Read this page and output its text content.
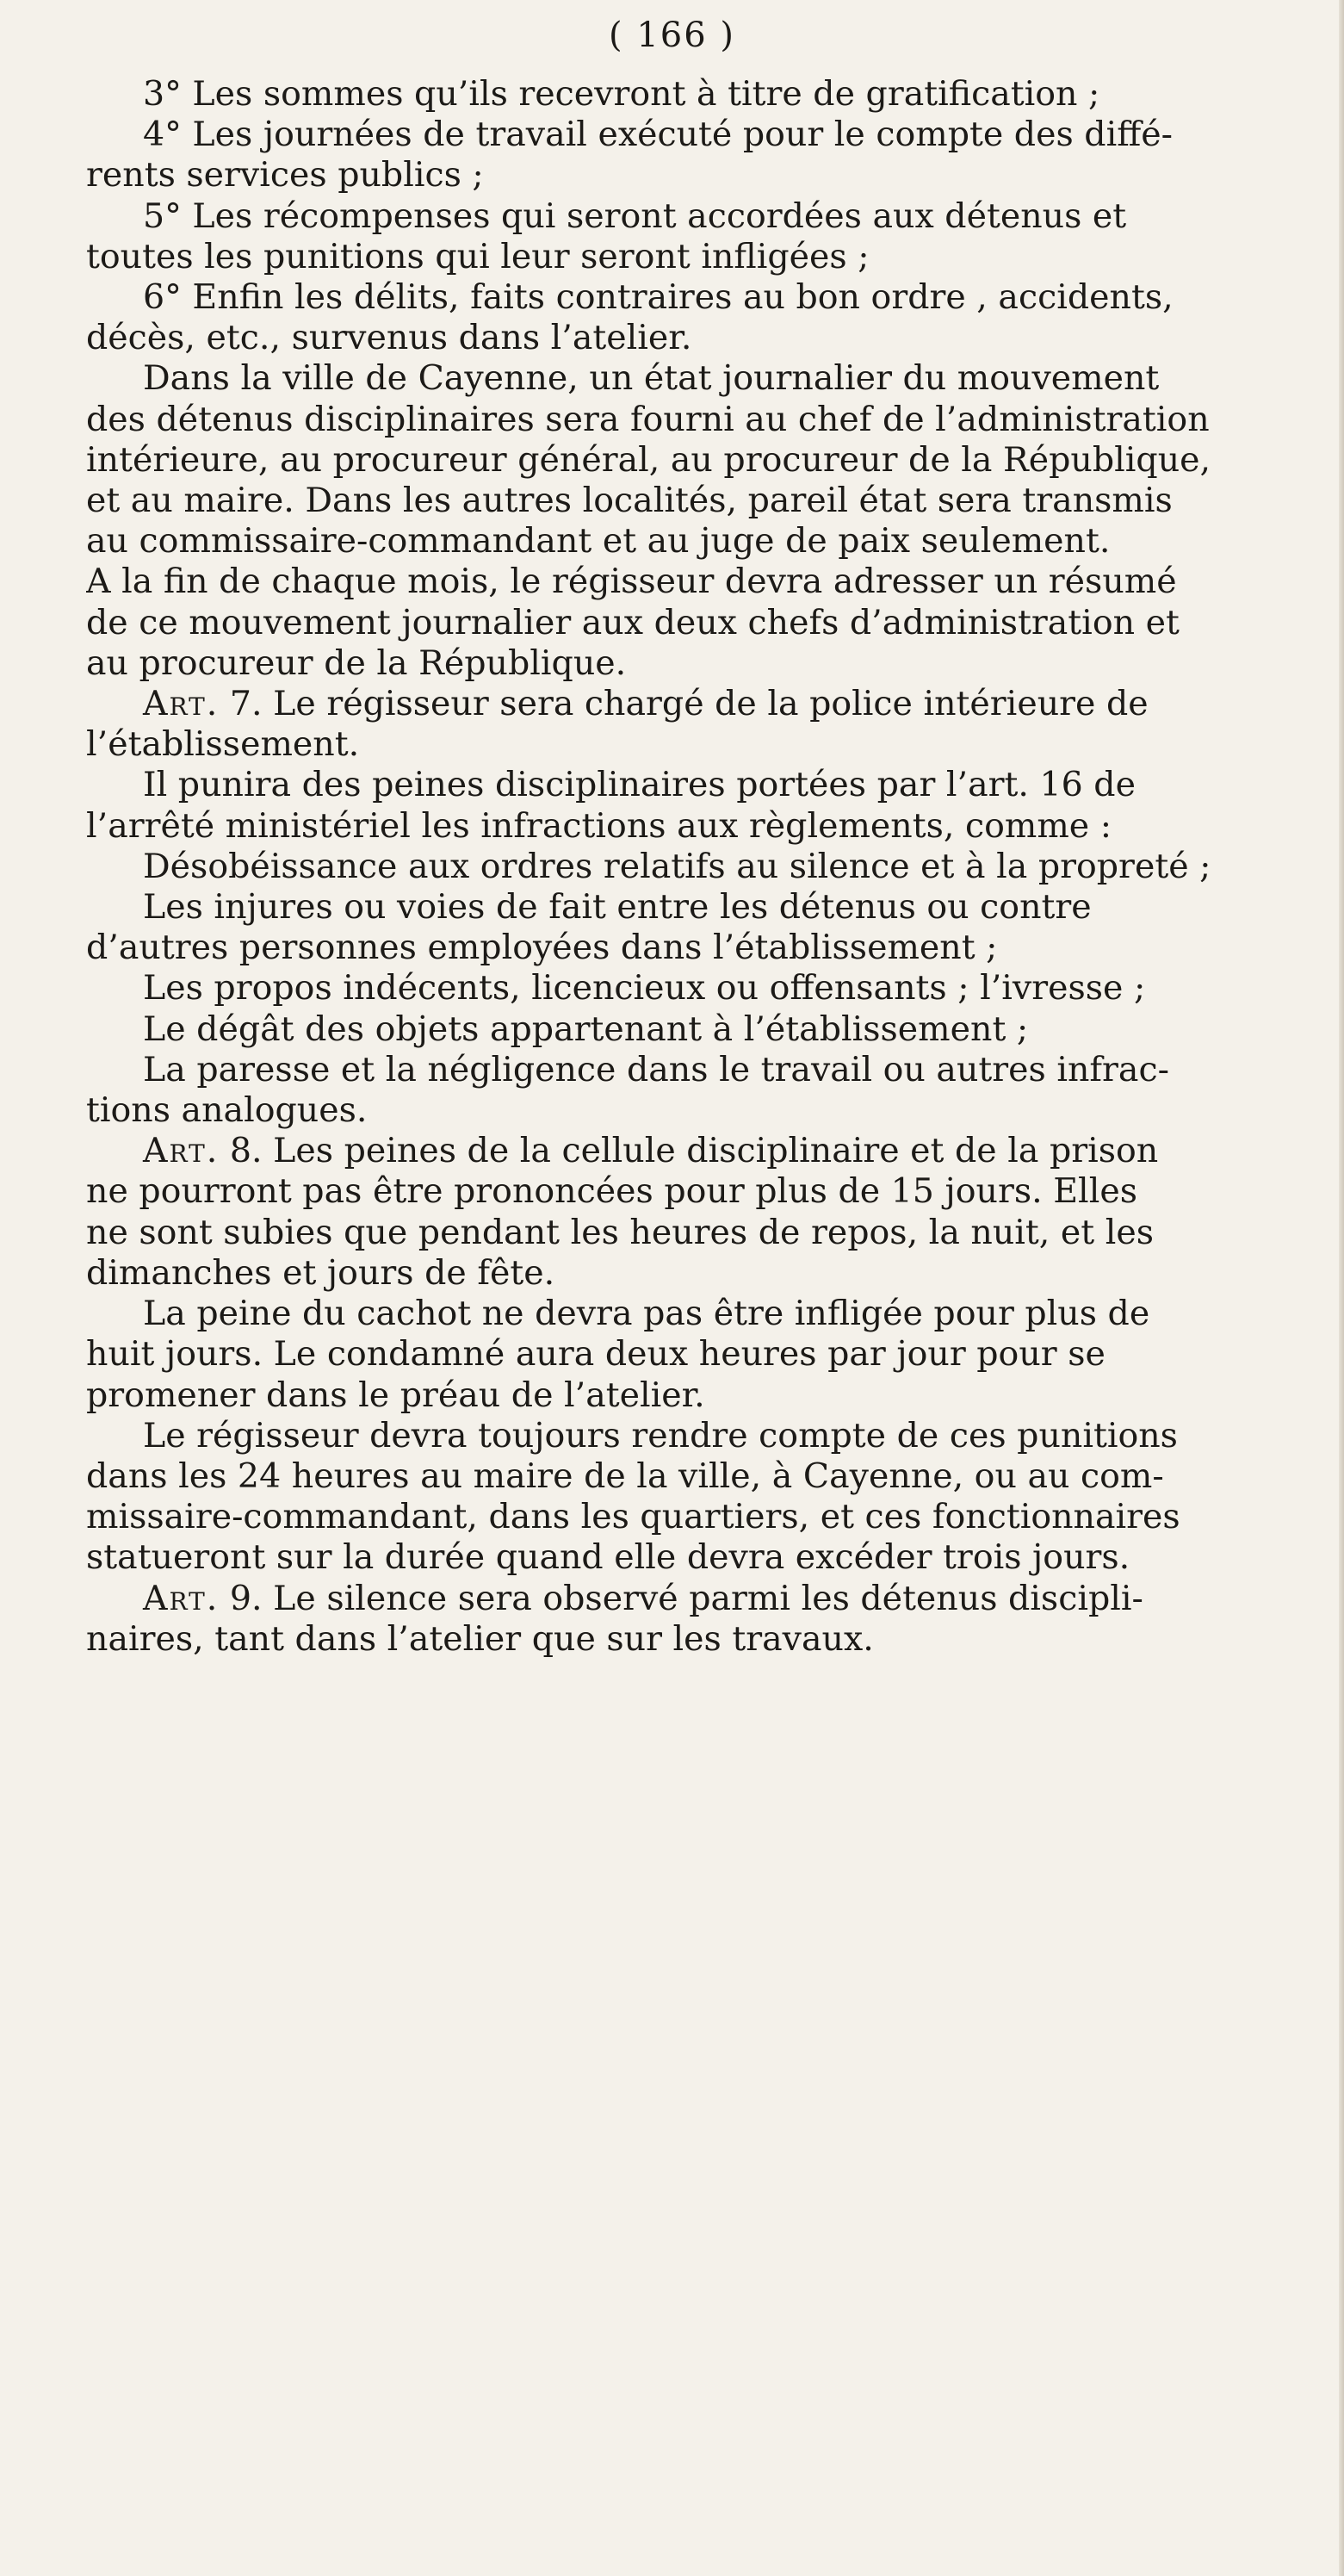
( 166 )
3° Les sommes qu’ils recevront à titre de gratification ;
4° Les journées de travail exécuté pour le compte des diffé-
rents services publics ;
5° Les récompenses qui seront accordées aux détenus et
toutes les punitions qui leur seront infligées ;
6° Enfin les délits, faits contraires au bon ordre , accidents,
décès, etc., survenus dans l’atelier.
Dans la ville de Cayenne, un état journalier du mouvement
des détenus disciplinaires sera fourni au chef de l’administration
intérieure, au procureur général, au procureur de la République,
et au maire. Dans les autres localités, pareil état sera transmis
au commissaire-commandant et au juge de paix seulement.
A la fin de chaque mois, le régisseur devra adresser un résumé
de ce mouvement journalier aux deux chefs d’administration et
au procureur de la République.
Art. 7. Le régisseur sera chargé de la police intérieure de
l’établissement.
Il punira des peines disciplinaires portées par l’art. 16 de
l’arrêté ministériel les infractions aux règlements, comme :
Désobéissance aux ordres relatifs au silence et à la propreté ;
Les injures ou voies de fait entre les détenus ou contre
d’autres personnes employées dans l’établissement ;
Les propos indécents, licencieux ou offensants ; l’ivresse ;
Le dégât des objets appartenant à l’établissement ;
La paresse et la négligence dans le travail ou autres infrac-
tions analogues.
Art. 8. Les peines de la cellule disciplinaire et de la prison
ne pourront pas être prononcées pour plus de 15 jours. Elles
ne sont subies que pendant les heures de repos, la nuit, et les
dimanches et jours de fête.
La peine du cachot ne devra pas être infligée pour plus de
huit jours. Le condamné aura deux heures par jour pour se
promener dans le préau de l’atelier.
Le régisseur devra toujours rendre compte de ces punitions
dans les 24 heures au maire de la ville, à Cayenne, ou au com-
missaire-commandant, dans les quartiers, et ces fonctionnaires
statueront sur la durée quand elle devra excéder trois jours.
Art. 9. Le silence sera observé parmi les détenus discipli-
naires, tant dans l’atelier que sur les travaux.
